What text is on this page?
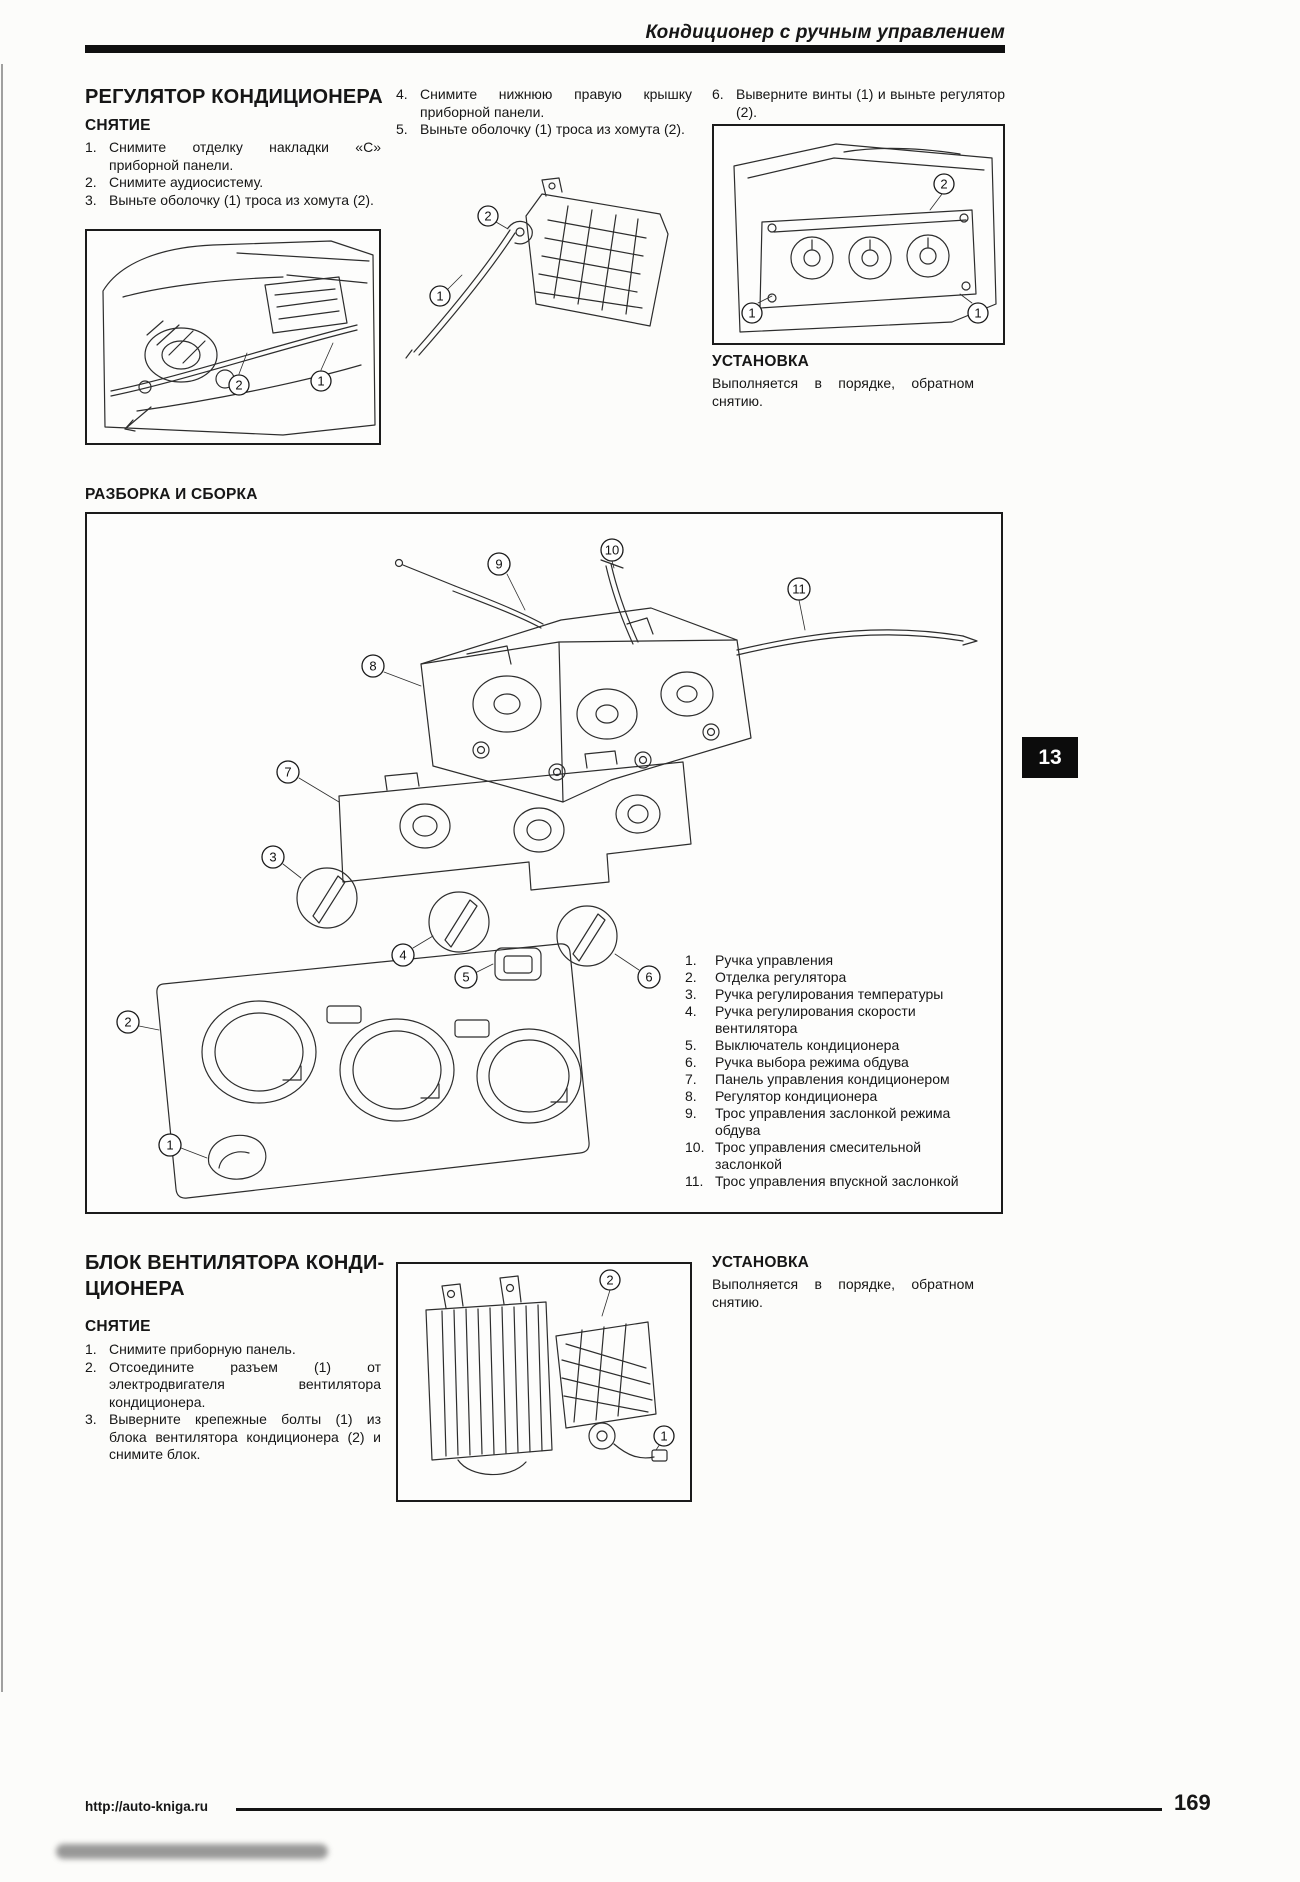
Кондиционер с ручным управлением
РЕГУЛЯТОР КОНДИЦИОНЕРА
СНЯТИЕ
1. Снимите отделку накладки «С» приборной панели.
2. Снимите аудиосистему.
3. Выньте оболочку (1) троса из хомута (2).
2	1
4. Снимите нижнюю правую крышку приборной панели.
5. Выньте оболочку (1) троса из хомута (2).
2
1
6. Выверните винты (1) и выньте регулятор (2).
2
1	1
УСТАНОВКА
Выполняется в порядке, обратном снятию.
РАЗБОРКА И СБОРКА
9
10
11
8
7
3
4
5	6
2
1
1.	Ручка управления
2.	Отделка регулятора
3.	Ручка регулирования температуры
4.	Ручка регулирования скорости вентилятора
5.	Выключатель кондиционера
6.	Ручка выбора режима обдува
7.	Панель управления кондиционером
8.	Регулятор кондиционера
9.	Трос управления заслонкой режима обдува
10. Трос управления смесительной заслонкой
11. Трос управления впускной заслонкой
13
БЛОК ВЕНТИЛЯТОРА КОНДИ-
ЦИОНЕРА
СНЯТИЕ
1. Снимите приборную панель.
2. Отсоедините разъем (1) от электродвигателя вентилятора кондиционера.
3. Выверните крепежные болты (1) из блока вентилятора кондиционера (2) и снимите блок.
2
1
УСТАНОВКА
Выполняется в порядке, обратном снятию.
http://auto-kniga.ru	169
